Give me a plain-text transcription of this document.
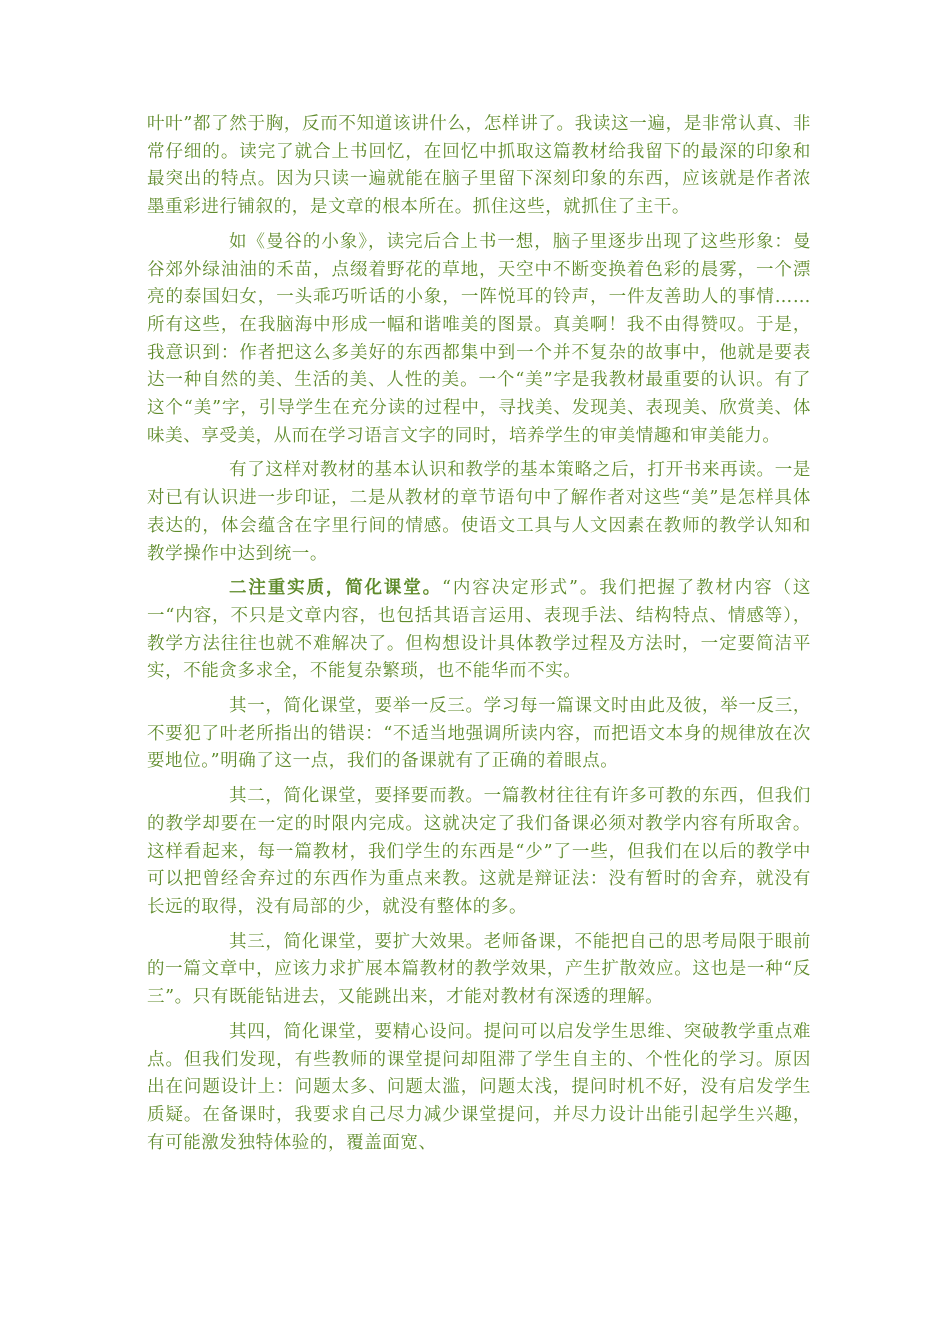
叶叶”都了然于胸，反而不知道该讲什么，怎样讲了。我读这一遍，是非常认真、非常仔细的。读完了就合上书回忆，在回忆中抓取这篇教材给我留下的最深的印象和最突出的特点。因为只读一遍就能在脑子里留下深刻印象的东西，应该就是作者浓墨重彩进行铺叙的，是文章的根本所在。抓住这些，就抓住了主干。

如《曼谷的小象》，读完后合上书一想，脑子里逐步出现了这些形象：曼谷郊外绿油油的禾苗，点缀着野花的草地，天空中不断变换着色彩的晨雾，一个漂亮的泰国妇女，一头乖巧听话的小象，一阵悦耳的铃声，一件友善助人的事情……所有这些，在我脑海中形成一幅和谐唯美的图景。真美啊！我不由得赞叹。于是，我意识到：作者把这么多美好的东西都集中到一个并不复杂的故事中，他就是要表达一种自然的美、生活的美、人性的美。一个“美”字是我教材最重要的认识。有了这个“美”字，引导学生在充分读的过程中，寻找美、发现美、表现美、欣赏美、体味美、享受美，从而在学习语言文字的同时，培养学生的审美情趣和审美能力。

有了这样对教材的基本认识和教学的基本策略之后，打开书来再读。一是对已有认识进一步印证，二是从教材的章节语句中了解作者对这些“美”是怎样具体表达的，体会蕴含在字里行间的情感。使语文工具与人文因素在教师的教学认知和教学操作中达到统一。

二注重实质，简化课堂。“内容决定形式”。我们把握了教材内容（这一“内容，不只是文章内容，也包括其语言运用、表现手法、结构特点、情感等），教学方法往往也就不难解决了。但构想设计具体教学过程及方法时，一定要简洁平实，不能贪多求全，不能复杂繁琐，也不能华而不实。

其一，简化课堂，要举一反三。学习每一篇课文时由此及彼，举一反三，不要犯了叶老所指出的错误：“不适当地强调所读内容，而把语文本身的规律放在次要地位。”明确了这一点，我们的备课就有了正确的着眼点。

其二，简化课堂，要择要而教。一篇教材往往有许多可教的东西，但我们的教学却要在一定的时限内完成。这就决定了我们备课必须对教学内容有所取舍。这样看起来，每一篇教材，我们学生的东西是“少”了一些，但我们在以后的教学中可以把曾经舍弃过的东西作为重点来教。这就是辩证法：没有暂时的舍弃，就没有长远的取得，没有局部的少，就没有整体的多。

其三，简化课堂，要扩大效果。老师备课，不能把自己的思考局限于眼前的一篇文章中，应该力求扩展本篇教材的教学效果，产生扩散效应。这也是一种“反三”。只有既能钻进去，又能跳出来，才能对教材有深透的理解。

其四，简化课堂，要精心设问。提问可以启发学生思维、突破教学重点难点。但我们发现，有些教师的课堂提问却阻滞了学生自主的、个性化的学习。原因出在问题设计上：问题太多、问题太滥，问题太浅，提问时机不好，没有启发学生质疑。在备课时，我要求自己尽力减少课堂提问，并尽力设计出能引起学生兴趣，有可能激发独特体验的，覆盖面宽、
